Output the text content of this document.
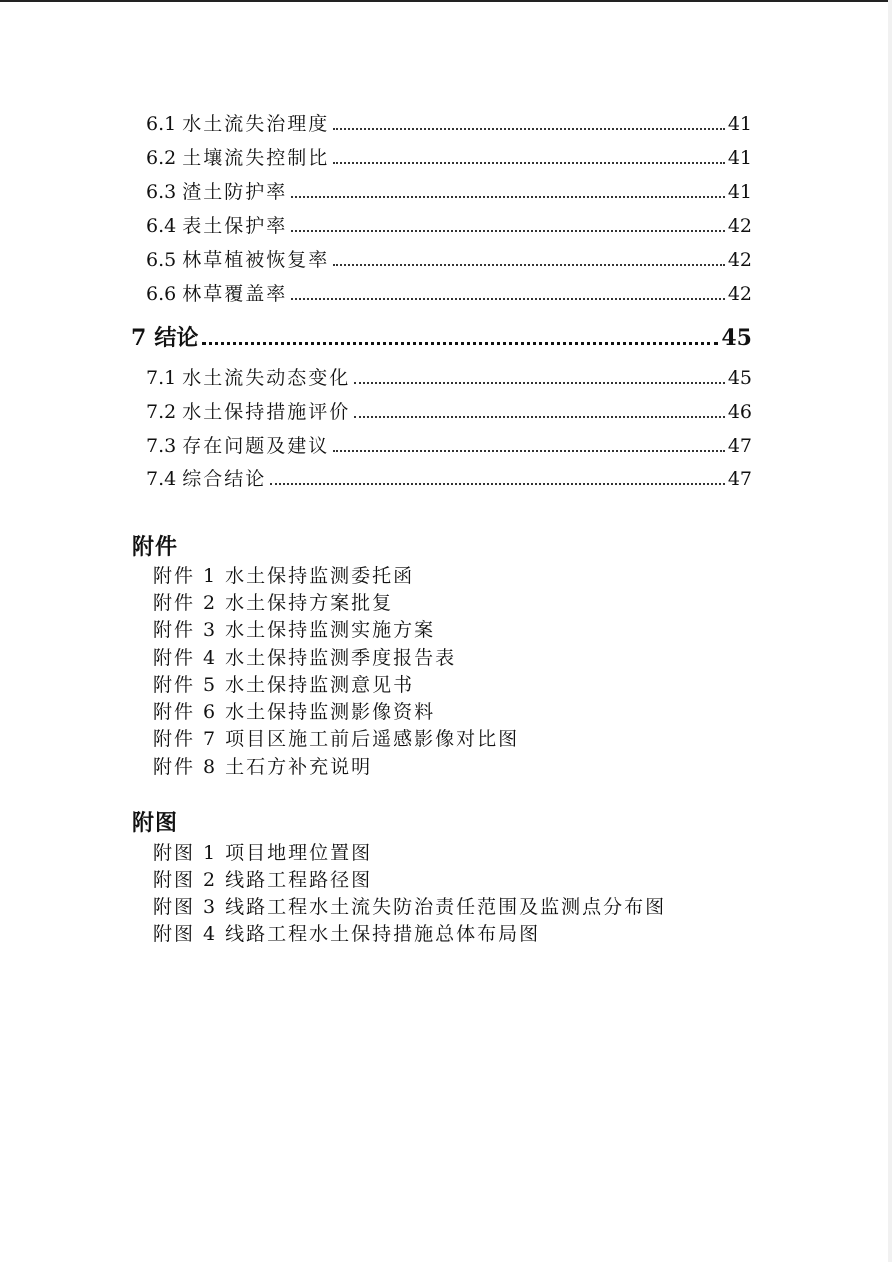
6.1 水土流失治理度	41
6.2 土壤流失控制比	41
6.3 渣土防护率	41
6.4 表土保护率	42
6.5 林草植被恢复率	42
6.6 林草覆盖率	42
7 结论	45
7.1 水土流失动态变化	45
7.2 水土保持措施评价	46
7.3 存在问题及建议	47
7.4 综合结论	47
附件
附件 1 水土保持监测委托函
附件 2 水土保持方案批复
附件 3 水土保持监测实施方案
附件 4 水土保持监测季度报告表
附件 5 水土保持监测意见书
附件 6 水土保持监测影像资料
附件 7 项目区施工前后遥感影像对比图
附件 8 土石方补充说明
附图
附图 1 项目地理位置图
附图 2 线路工程路径图
附图 3 线路工程水土流失防治责任范围及监测点分布图
附图 4 线路工程水土保持措施总体布局图
